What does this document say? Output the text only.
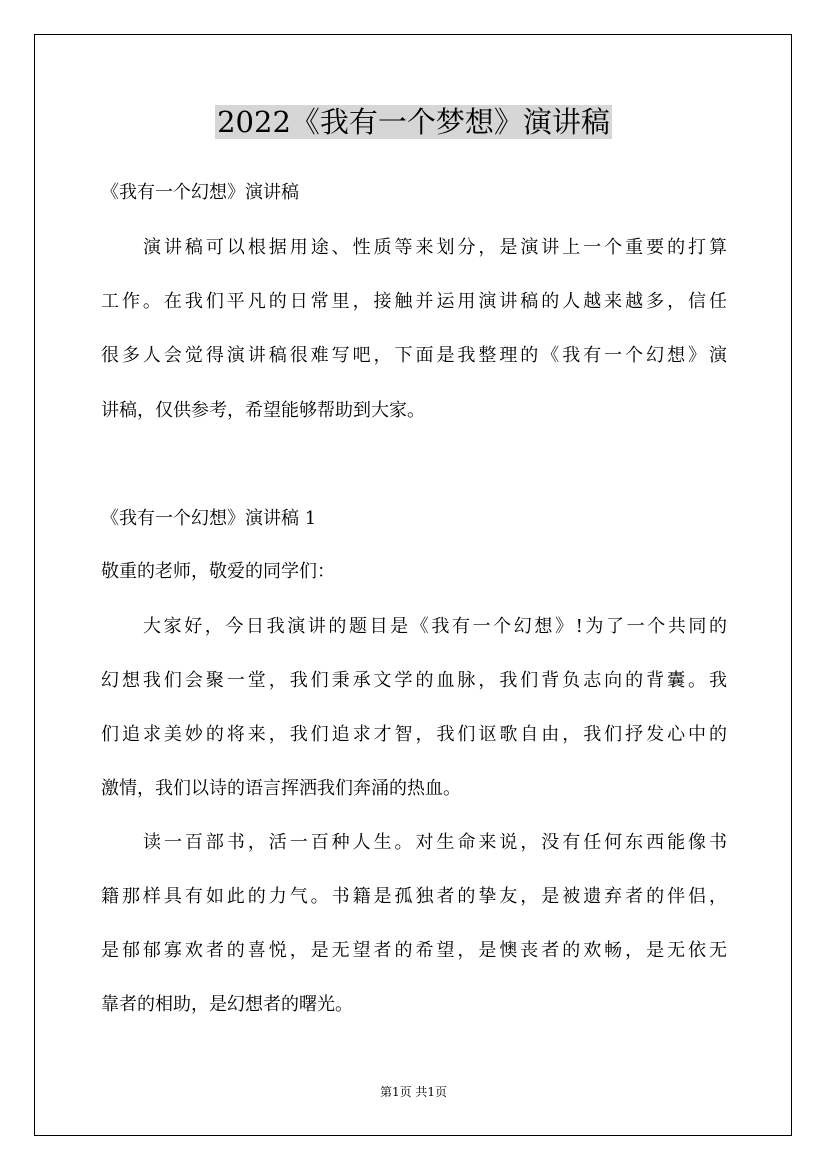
2022《我有一个梦想》演讲稿

《我有一个幻想》演讲稿

演讲稿可以根据用途、性质等来划分，是演讲上一个重要的打算

工作。在我们平凡的日常里，接触并运用演讲稿的人越来越多，信任

很多人会觉得演讲稿很难写吧，下面是我整理的《我有一个幻想》演

讲稿，仅供参考，希望能够帮助到大家。

《我有一个幻想》演讲稿 1

敬重的老师，敬爱的同学们：

大家好，今日我演讲的题目是《我有一个幻想》!为了一个共同的

幻想我们会聚一堂，我们秉承文学的血脉，我们背负志向的背囊。我

们追求美妙的将来，我们追求才智，我们讴歌自由，我们抒发心中的

激情，我们以诗的语言挥洒我们奔涌的热血。

读一百部书，活一百种人生。对生命来说，没有任何东西能像书

籍那样具有如此的力气。书籍是孤独者的挚友，是被遗弃者的伴侣，

是郁郁寡欢者的喜悦，是无望者的希望，是懊丧者的欢畅，是无依无

靠者的相助，是幻想者的曙光。

第1页 共1页
